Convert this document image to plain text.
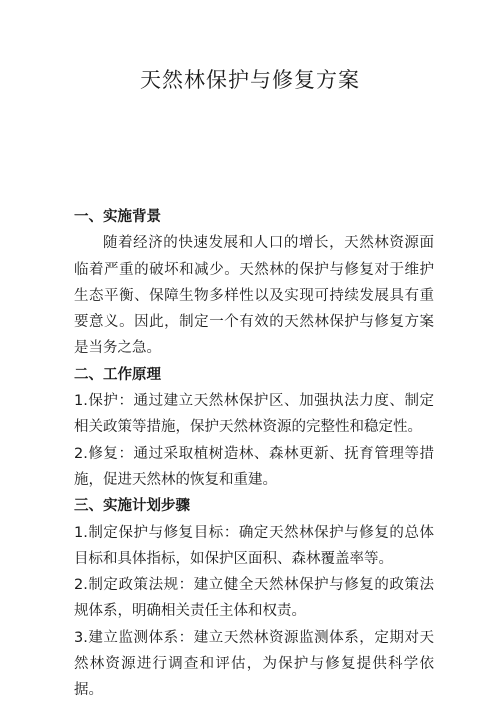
天然林保护与修复方案
一、实施背景

随着经济的快速发展和人口的增长，天然林资源面临着严重的破坏和减少。天然林的保护与修复对于维护生态平衡、保障生物多样性以及实现可持续发展具有重要意义。因此，制定一个有效的天然林保护与修复方案是当务之急。

二、工作原理

1.保护：通过建立天然林保护区、加强执法力度、制定相关政策等措施，保护天然林资源的完整性和稳定性。

2.修复：通过采取植树造林、森林更新、抚育管理等措施，促进天然林的恢复和重建。

三、实施计划步骤

1.制定保护与修复目标：确定天然林保护与修复的总体目标和具体指标，如保护区面积、森林覆盖率等。

2.制定政策法规：建立健全天然林保护与修复的政策法规体系，明确相关责任主体和权责。

3.建立监测体系：建立天然林资源监测体系，定期对天然林资源进行调查和评估，为保护与修复提供科学依据。
